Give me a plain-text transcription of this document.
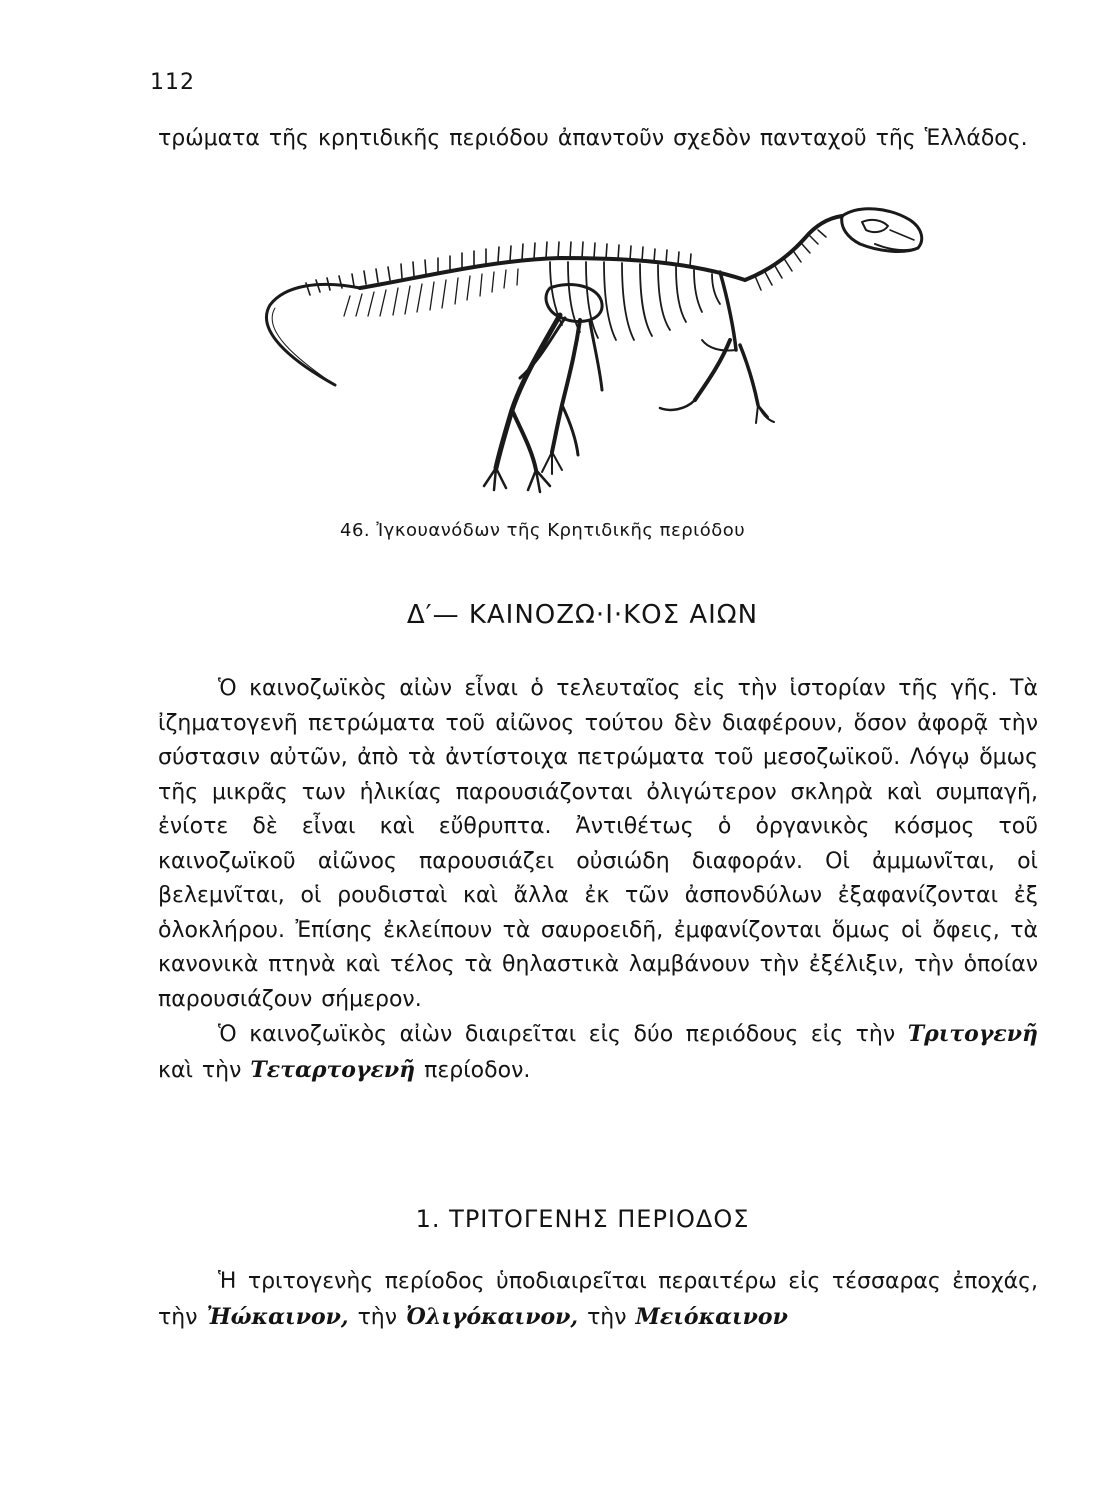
112

τρώματα τῆς κρητιδικῆς περιόδου ἀπαντοῦν σχεδὸν πανταχοῦ τῆς Ἑλλάδος.

46. Ἰγκουανόδων τῆς Κρητιδικῆς περιόδου
Δ′— ΚΑΙΝΟΖΩ·Ι·ΚΟΣ ΑΙΩΝ

Ὁ καινοζωϊκὸς αἰὼν εἶναι ὁ τελευταῖος εἰς τὴν ἱστορίαν τῆς γῆς. Τὰ ἰζηματογενῆ πετρώματα τοῦ αἰῶνος τούτου δὲν διαφέρουν, ὅσον ἀφορᾷ τὴν σύστασιν αὐτῶν, ἀπὸ τὰ ἀντίστοιχα πετρώματα τοῦ μεσοζωϊκοῦ. Λόγῳ ὅμως τῆς μικρᾶς των ἡλικίας παρουσιάζονται ὀλιγώτερον σκληρὰ καὶ συμπαγῆ, ἐνίοτε δὲ εἶναι καὶ εὔθρυπτα. Ἀντιθέτως ὁ ὀργανικὸς κόσμος τοῦ καινοζωϊκοῦ αἰῶνος παρουσιάζει οὐσιώδη διαφοράν. Οἱ ἀμμωνῖται, οἱ βελεμνῖται, οἱ ρουδισταὶ καὶ ἄλλα ἐκ τῶν ἀσπονδύλων ἐξαφανίζονται ἐξ ὁλοκλήρου. Ἐπίσης ἐκλείπουν τὰ σαυροειδῆ, ἐμφανίζονται ὅμως οἱ ὄφεις, τὰ κανονικὰ πτηνὰ καὶ τέλος τὰ θηλαστικὰ λαμβάνουν τὴν ἐξέλιξιν, τὴν ὁποίαν παρουσιάζουν σήμερον.

Ὁ καινοζωϊκὸς αἰὼν διαιρεῖται εἰς δύο περιόδους εἰς τὴν Τριτογενῆ καὶ τὴν Τεταρτογενῆ περίοδον.

1. ΤΡΙΤΟΓΕΝΗΣ ΠΕΡΙΟΔΟΣ

Ἡ τριτογενὴς περίοδος ὑποδιαιρεῖται περαιτέρω εἰς τέσσαρας ἐποχάς, τὴν Ἠώκαινον, τὴν Ὀλιγόκαινον, τὴν Μειόκαινον
